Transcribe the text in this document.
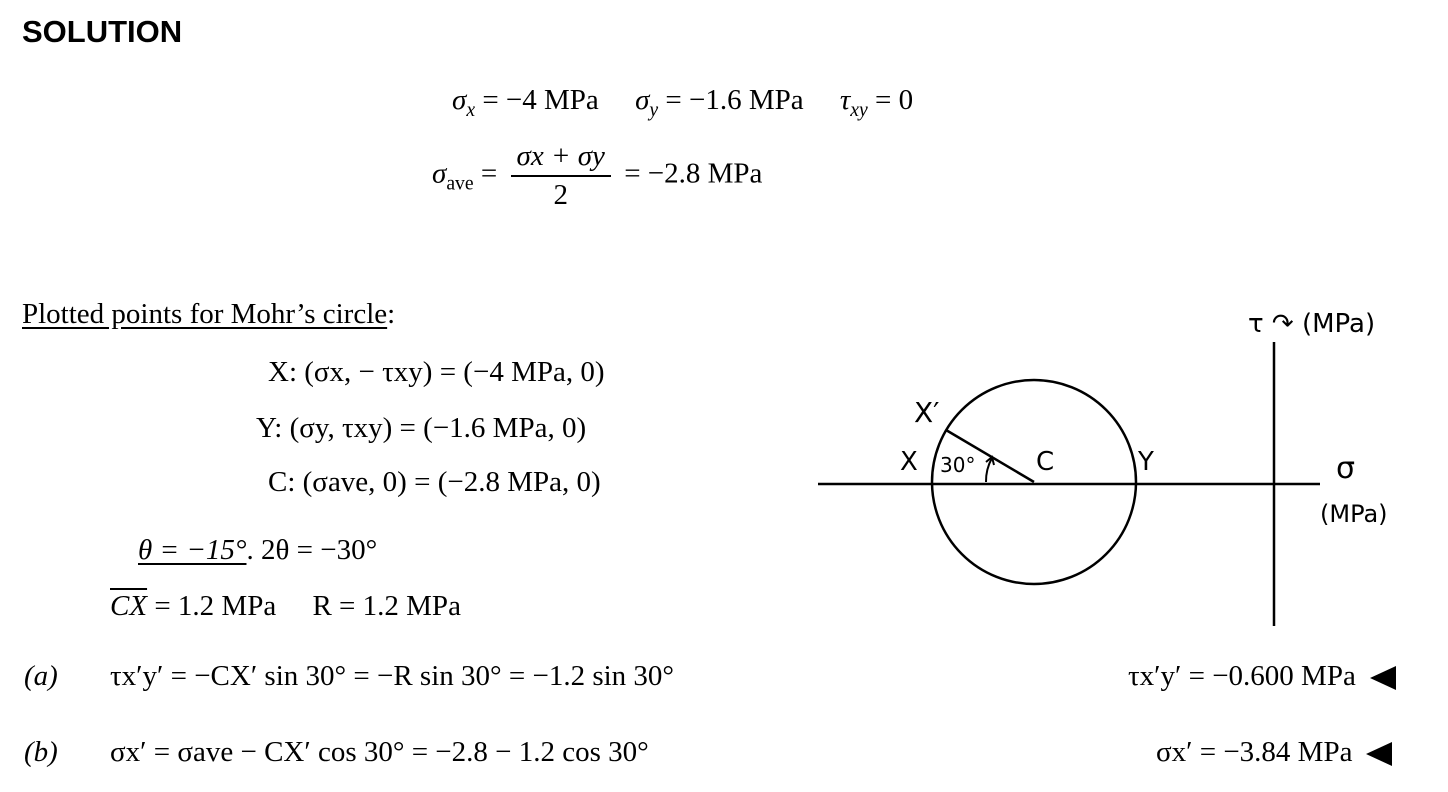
SOLUTION
$\sigma_x = -4$ MPa $\sigma_y = -1.6$ MPa $\tau_{xy} = 0$
$\sigma_{ave} = \frac{\sigma x + \sigma y}{2} = -2.8$ MPa
Plotted points for Mohr’s circle:
X: (σx, − τxy) = (−4 MPa, 0)
Y: (σy, τxy) = (−1.6 MPa, 0)
C: (σave, 0) = (−2.8 MPa, 0)
θ = −15°. 2θ = −30°
$\overline{CX} = 1.2$ MPa R = 1.2 MPa
(a) τx′y′ = −CX′ sin 30° = −R sin 30° = −1.2 sin 30°	τx′y′ = −0.600 MPa
(b) σx′ = σave − CX′ cos 30° = −2.8 − 1.2 cos 30°	σx′ = −3.84 MPa
τ ↷ (MPa)
σ
(MPa)
X′
X	Y
C
30°
